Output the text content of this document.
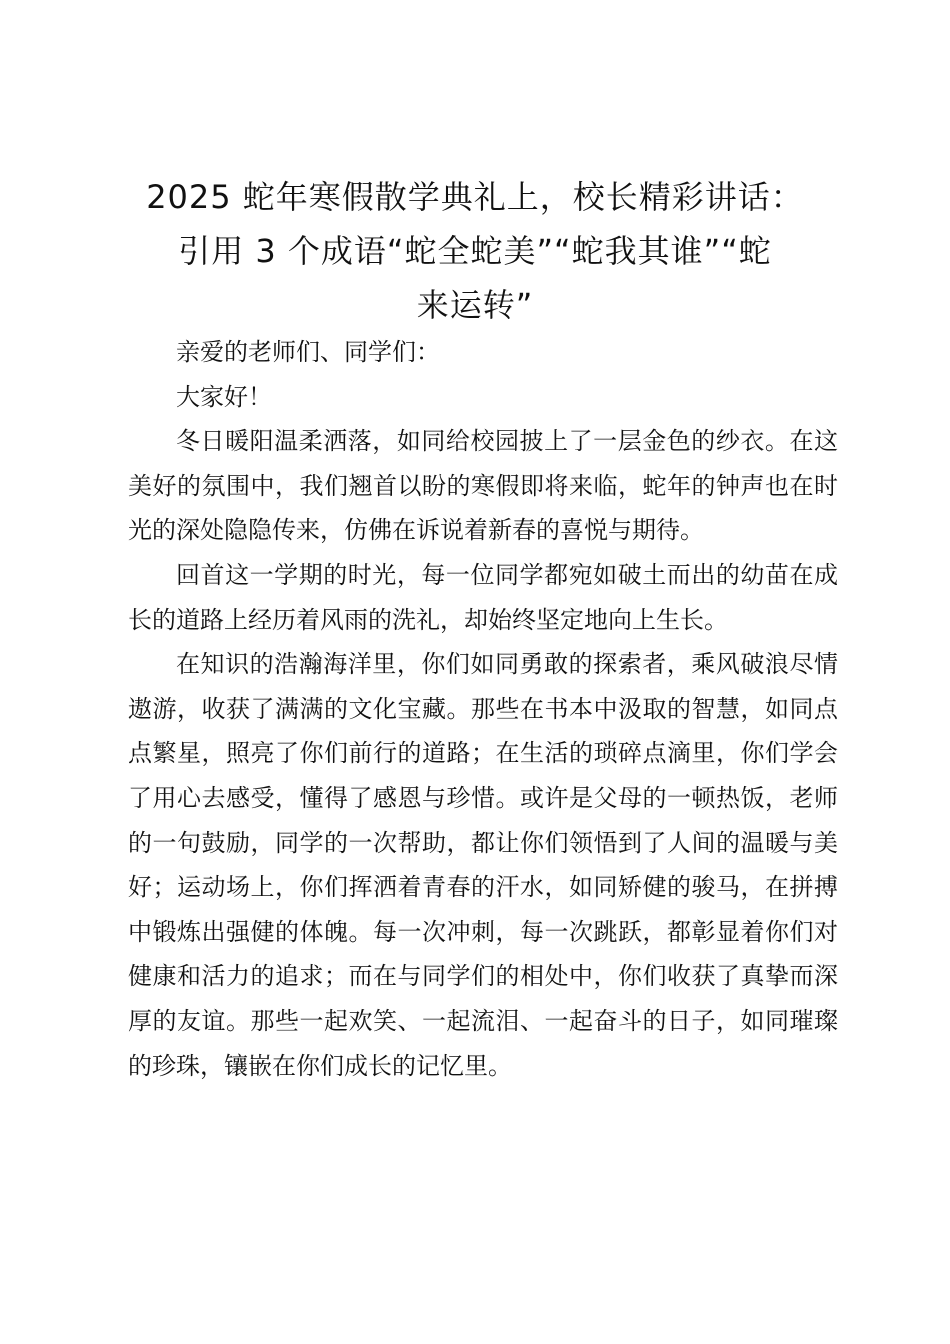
2025 蛇年寒假散学典礼上，校长精彩讲话：
引用 3 个成语“蛇全蛇美”“蛇我其谁”“蛇
来运转”

亲爱的老师们、同学们：

大家好！

冬日暖阳温柔洒落，如同给校园披上了一层金色的纱衣。在这美好的氛围中，我们翘首以盼的寒假即将来临，蛇年的钟声也在时光的深处隐隐传来，仿佛在诉说着新春的喜悦与期待。

回首这一学期的时光，每一位同学都宛如破土而出的幼苗在成长的道路上经历着风雨的洗礼，却始终坚定地向上生长。

在知识的浩瀚海洋里，你们如同勇敢的探索者，乘风破浪尽情遨游，收获了满满的文化宝藏。那些在书本中汲取的智慧，如同点点繁星，照亮了你们前行的道路；在生活的琐碎点滴里，你们学会了用心去感受，懂得了感恩与珍惜。或许是父母的一顿热饭，老师的一句鼓励，同学的一次帮助，都让你们领悟到了人间的温暖与美好；运动场上，你们挥洒着青春的汗水，如同矫健的骏马，在拼搏中锻炼出强健的体魄。每一次冲刺，每一次跳跃，都彰显着你们对健康和活力的追求；而在与同学们的相处中，你们收获了真挚而深厚的友谊。那些一起欢笑、一起流泪、一起奋斗的日子，如同璀璨的珍珠，镶嵌在你们成长的记忆里。
